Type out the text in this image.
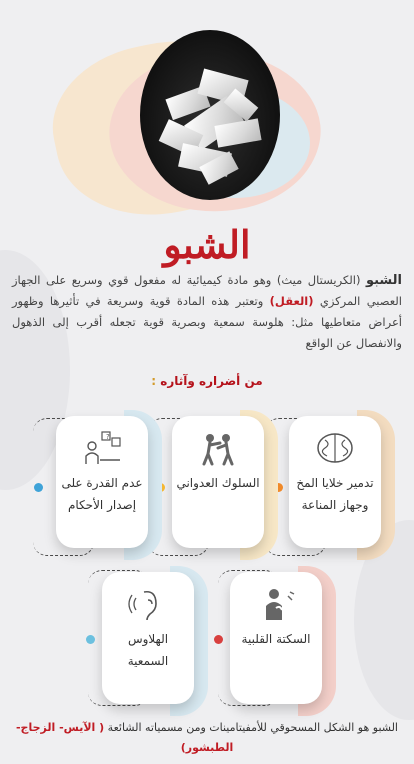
الشبو
الشبو (الكريستال ميث) وهو مادة كيميائية له مفعول قوي وسريع على الجهاز العصبي المركزي (العقل) وتعتبر هذه المادة قوية وسريعة في تأثيرها وظهور أعراض متعاطيها مثل: هلوسة سمعية وبصرية قوية تجعله أقرب إلى الذهول والانفصال عن الواقع
من أضراره وآثاره :
تدمير خلايا المخ وجهاز المناعة
السلوك العدواني
?
عدم القدرة على إصدار الأحكام
السكتة القلبية
الهلاوس السمعية
الشبو هو الشكل المسحوقي للأمفيتامينات ومن مسمياته الشائعة ( الآيس- الزجاج- الطبشور)
